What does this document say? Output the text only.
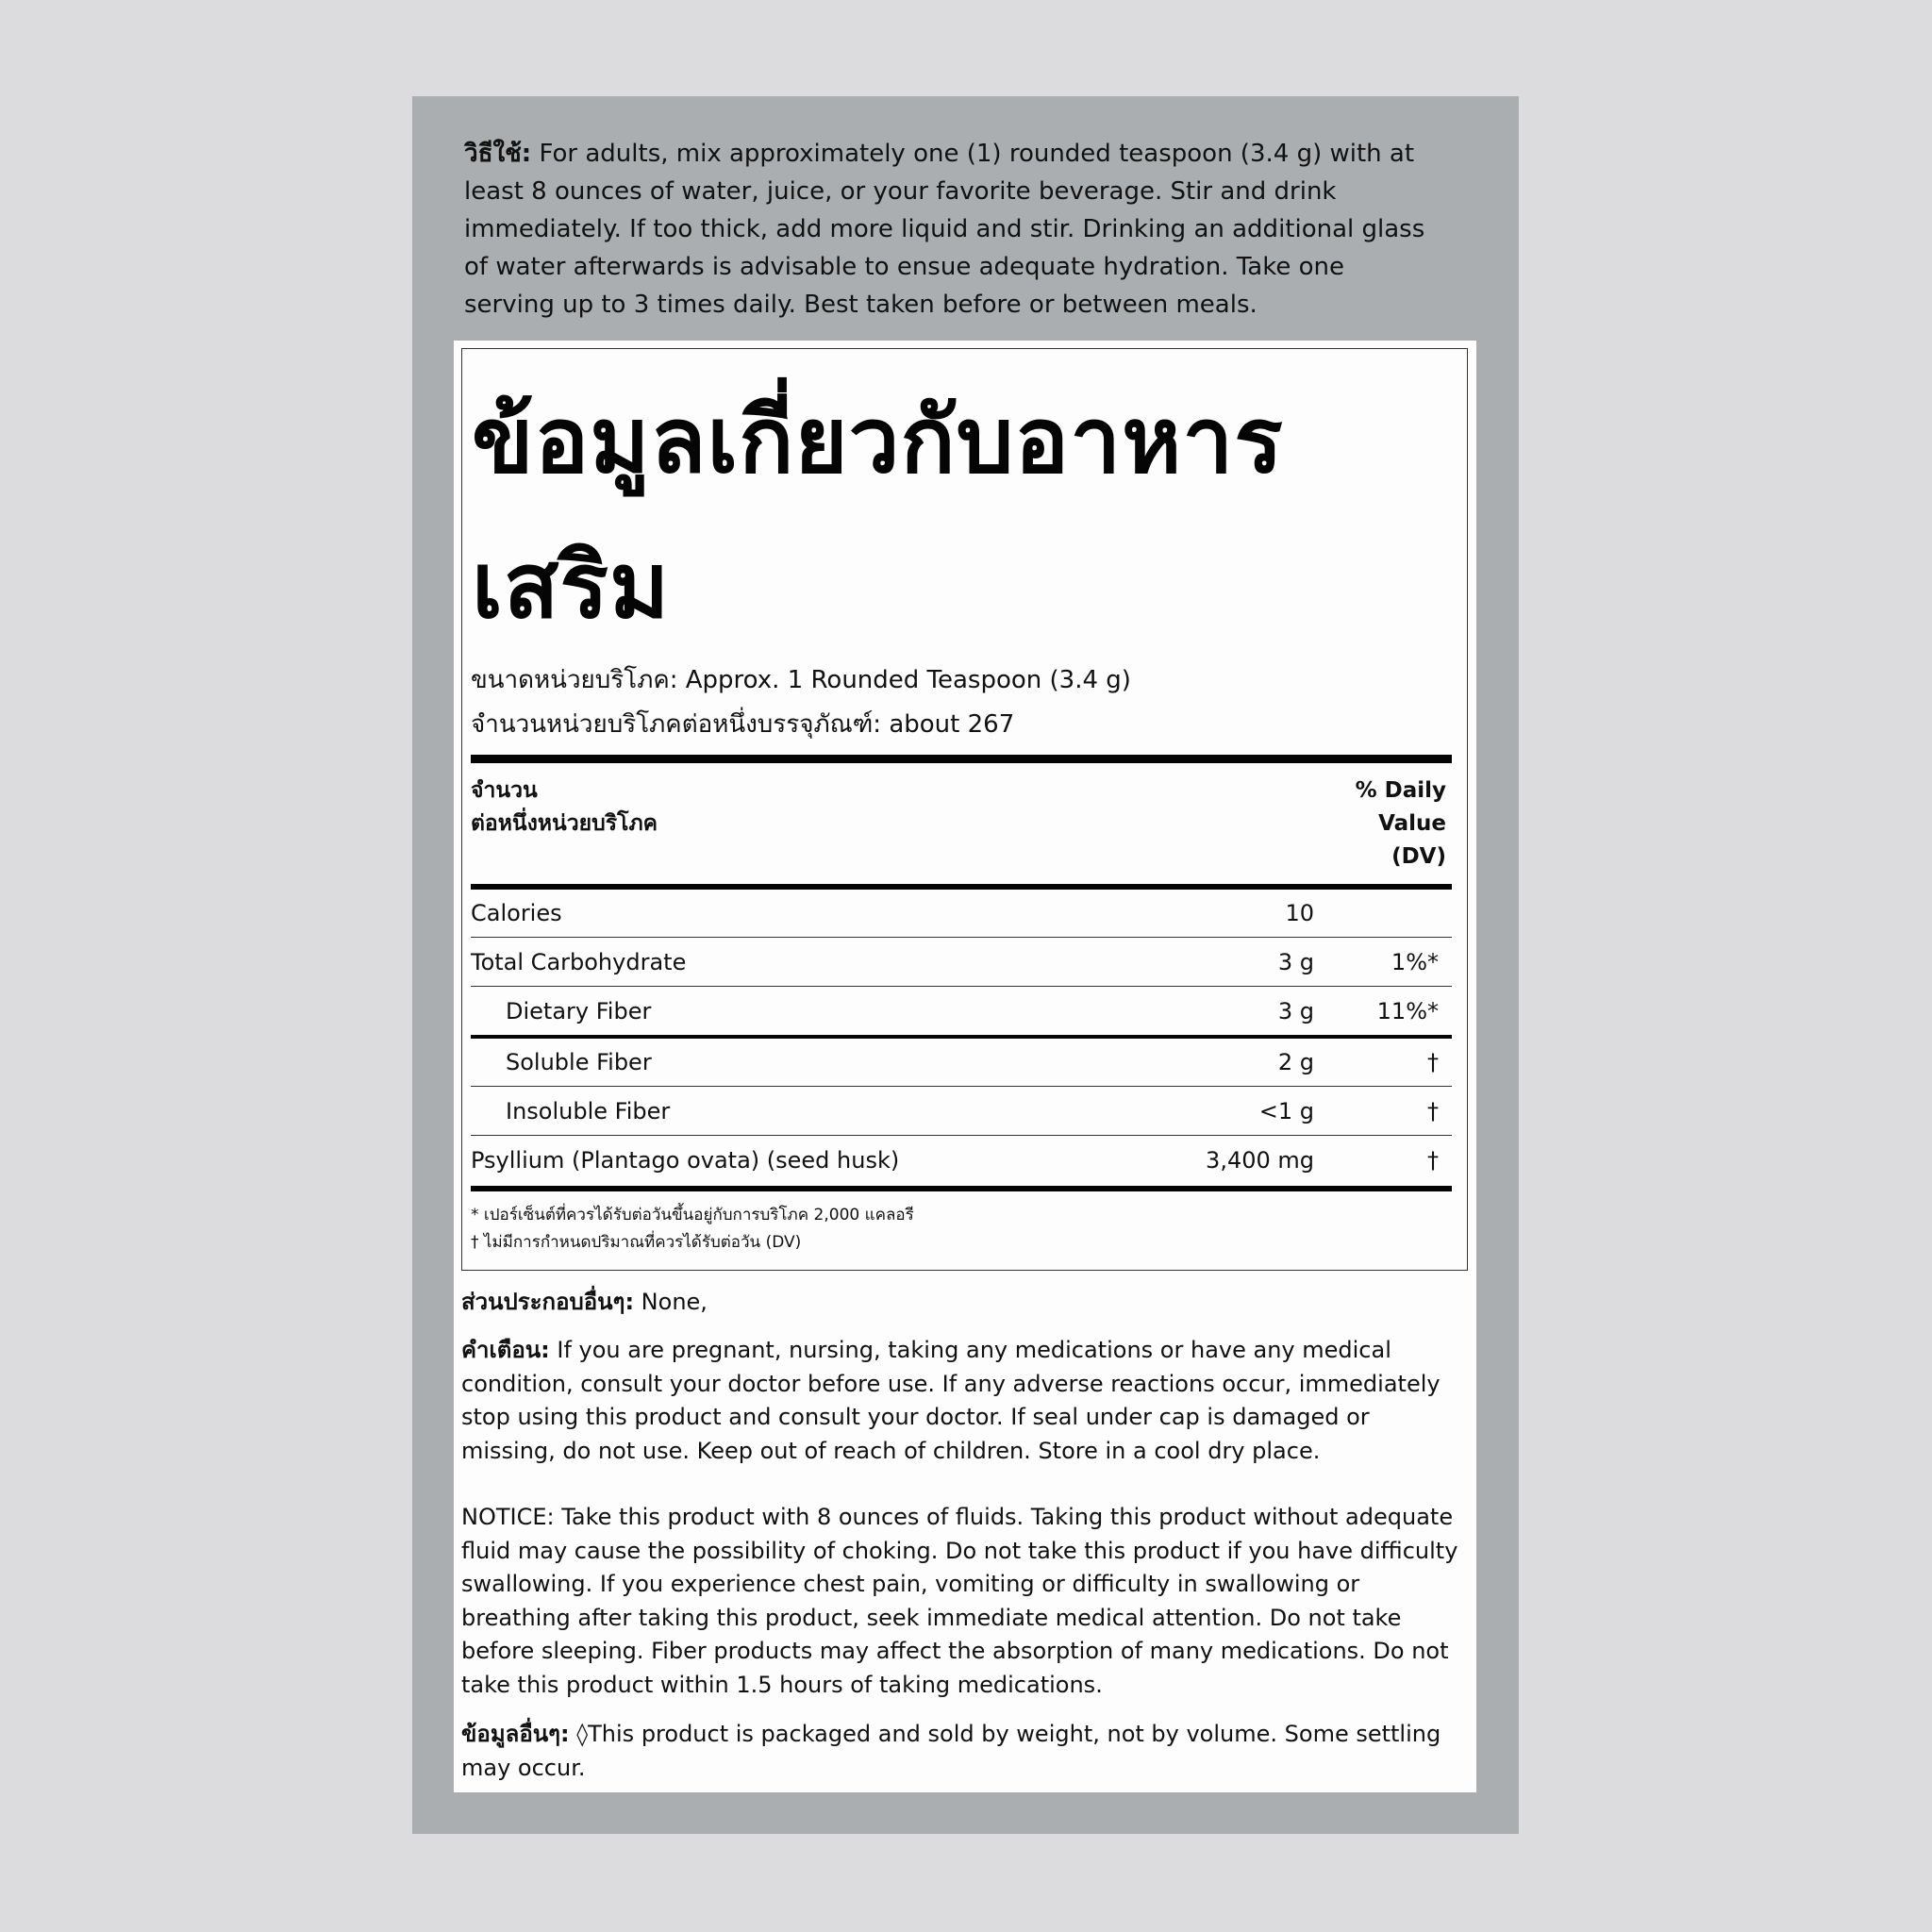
วิธีใช้: For adults, mix approximately one (1) rounded teaspoon (3.4 g) with at least 8 ounces of water, juice, or your favorite beverage. Stir and drink immediately. If too thick, add more liquid and stir. Drinking an additional glass of water afterwards is advisable to ensue adequate hydration. Take one serving up to 3 times daily. Best taken before or between meals.
ข้อมูลเกี่ยวกับอาหารเสริม
ขนาดหน่วยบริโภค: Approx. 1 Rounded Teaspoon (3.4 g)
จำนวนหน่วยบริโภคต่อหนึ่งบรรจุภัณฑ์: about 267
จำนวน
ต่อหนึ่งหน่วยบริโภค
% Daily
Value
(DV)
Calories	10
Total Carbohydrate	3 g	1%*
Dietary Fiber	3 g	11%*
Soluble Fiber	2 g	†
Insoluble Fiber	<1 g	†
Psyllium (Plantago ovata) (seed husk)	3,400 mg	†
* เปอร์เซ็นต์ที่ควรได้รับต่อวันขึ้นอยู่กับการบริโภค 2,000 แคลอรี
† ไม่มีการกำหนดปริมาณที่ควรได้รับต่อวัน (DV)
ส่วนประกอบอื่นๆ: None,
คำเตือน: If you are pregnant, nursing, taking any medications or have any medical condition, consult your doctor before use. If any adverse reactions occur, immediately stop using this product and consult your doctor. If seal under cap is damaged or missing, do not use. Keep out of reach of children. Store in a cool dry place.
NOTICE: Take this product with 8 ounces of fluids. Taking this product without adequate fluid may cause the possibility of choking. Do not take this product if you have difficulty swallowing. If you experience chest pain, vomiting or difficulty in swallowing or breathing after taking this product, seek immediate medical attention. Do not take before sleeping. Fiber products may affect the absorption of many medications. Do not take this product within 1.5 hours of taking medications.
ข้อมูลอื่นๆ: ◊This product is packaged and sold by weight, not by volume. Some settling may occur.
